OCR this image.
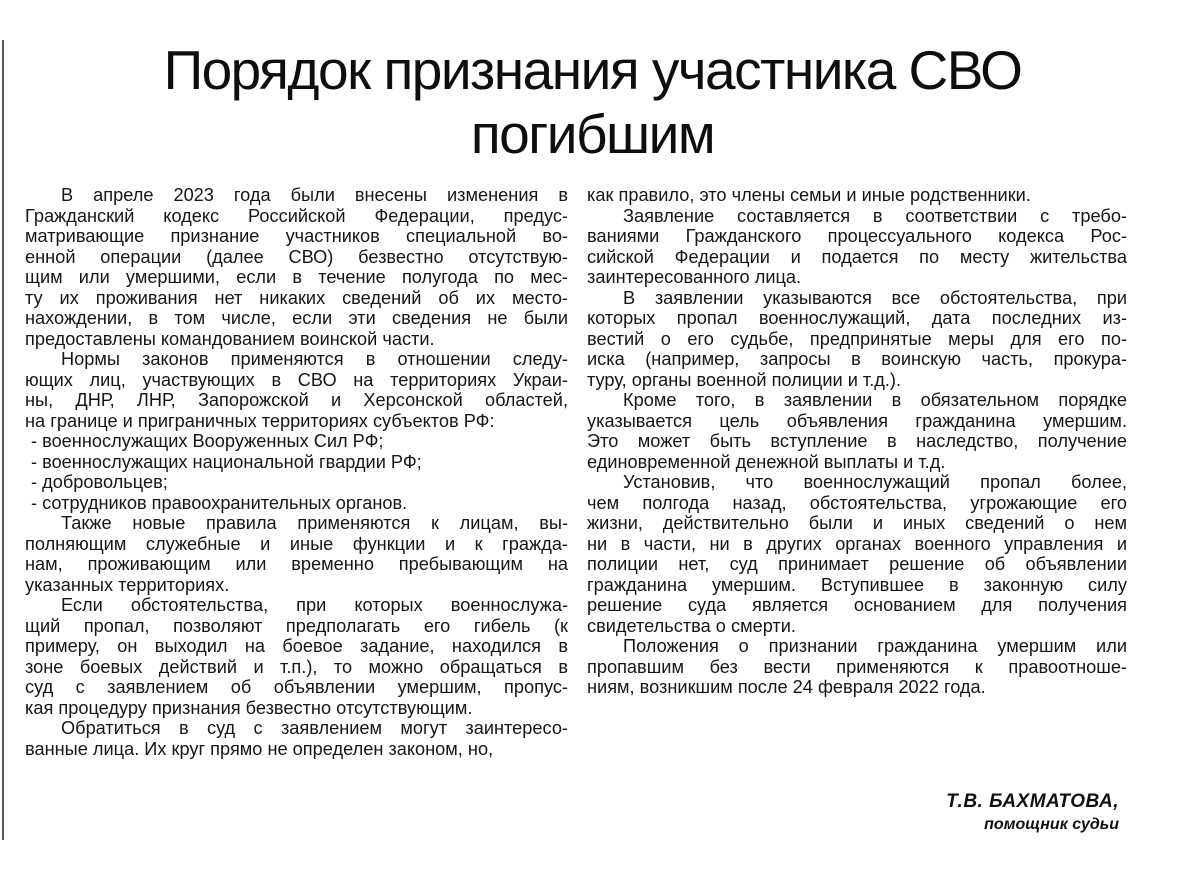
Порядок признания участника СВО
погибшим
В апреле 2023 года были внесены изменения в
Гражданский кодекс Российской Федерации, предус-
матривающие признание участников специальной во-
енной операции (далее СВО) безвестно отсутствую-
щим или умершими, если в течение полугода по мес-
ту их проживания нет никаких сведений об их место-
нахождении, в том числе, если эти сведения не были
предоставлены командованием воинской части.
Нормы законов применяются в отношении следу-
ющих лиц, участвующих в СВО на территориях Украи-
ны, ДНР, ЛНР, Запорожской и Херсонской областей,
на границе и приграничных территориях субъектов РФ:
- военнослужащих Вооруженных Сил РФ;
- военнослужащих национальной гвардии РФ;
- добровольцев;
- сотрудников правоохранительных органов.
Также новые правила применяются к лицам, вы-
полняющим служебные и иные функции и к гражда-
нам, проживающим или временно пребывающим на
указанных территориях.
Если обстоятельства, при которых военнослужа-
щий пропал, позволяют предполагать его гибель (к
примеру, он выходил на боевое задание, находился в
зоне боевых действий и т.п.), то можно обращаться в
суд с заявлением об объявлении умершим, пропус-
кая процедуру признания безвестно отсутствующим.
Обратиться в суд с заявлением могут заинтересо-
ванные лица. Их круг прямо не определен законом, но,
как правило, это члены семьи и иные родственники.
Заявление составляется в соответствии с требо-
ваниями Гражданского процессуального кодекса Рос-
сийской Федерации и подается по месту жительства
заинтересованного лица.
В заявлении указываются все обстоятельства, при
которых пропал военнослужащий, дата последних из-
вестий о его судьбе, предпринятые меры для его по-
иска (например, запросы в воинскую часть, прокура-
туру, органы военной полиции и т.д.).
Кроме того, в заявлении в обязательном порядке
указывается цель объявления гражданина умершим.
Это может быть вступление в наследство, получение
единовременной денежной выплаты и т.д.
Установив, что военнослужащий пропал более,
чем полгода назад, обстоятельства, угрожающие его
жизни, действительно были и иных сведений о нем
ни в части, ни в других органах военного управления и
полиции нет, суд принимает решение об объявлении
гражданина умершим. Вступившее в законную силу
решение суда является основанием для получения
свидетельства о смерти.
Положения о признании гражданина умершим или
пропавшим без вести применяются к правоотноше-
ниям, возникшим после 24 февраля 2022 года.
Т.В. БАХМАТОВА,
помощник судьи
